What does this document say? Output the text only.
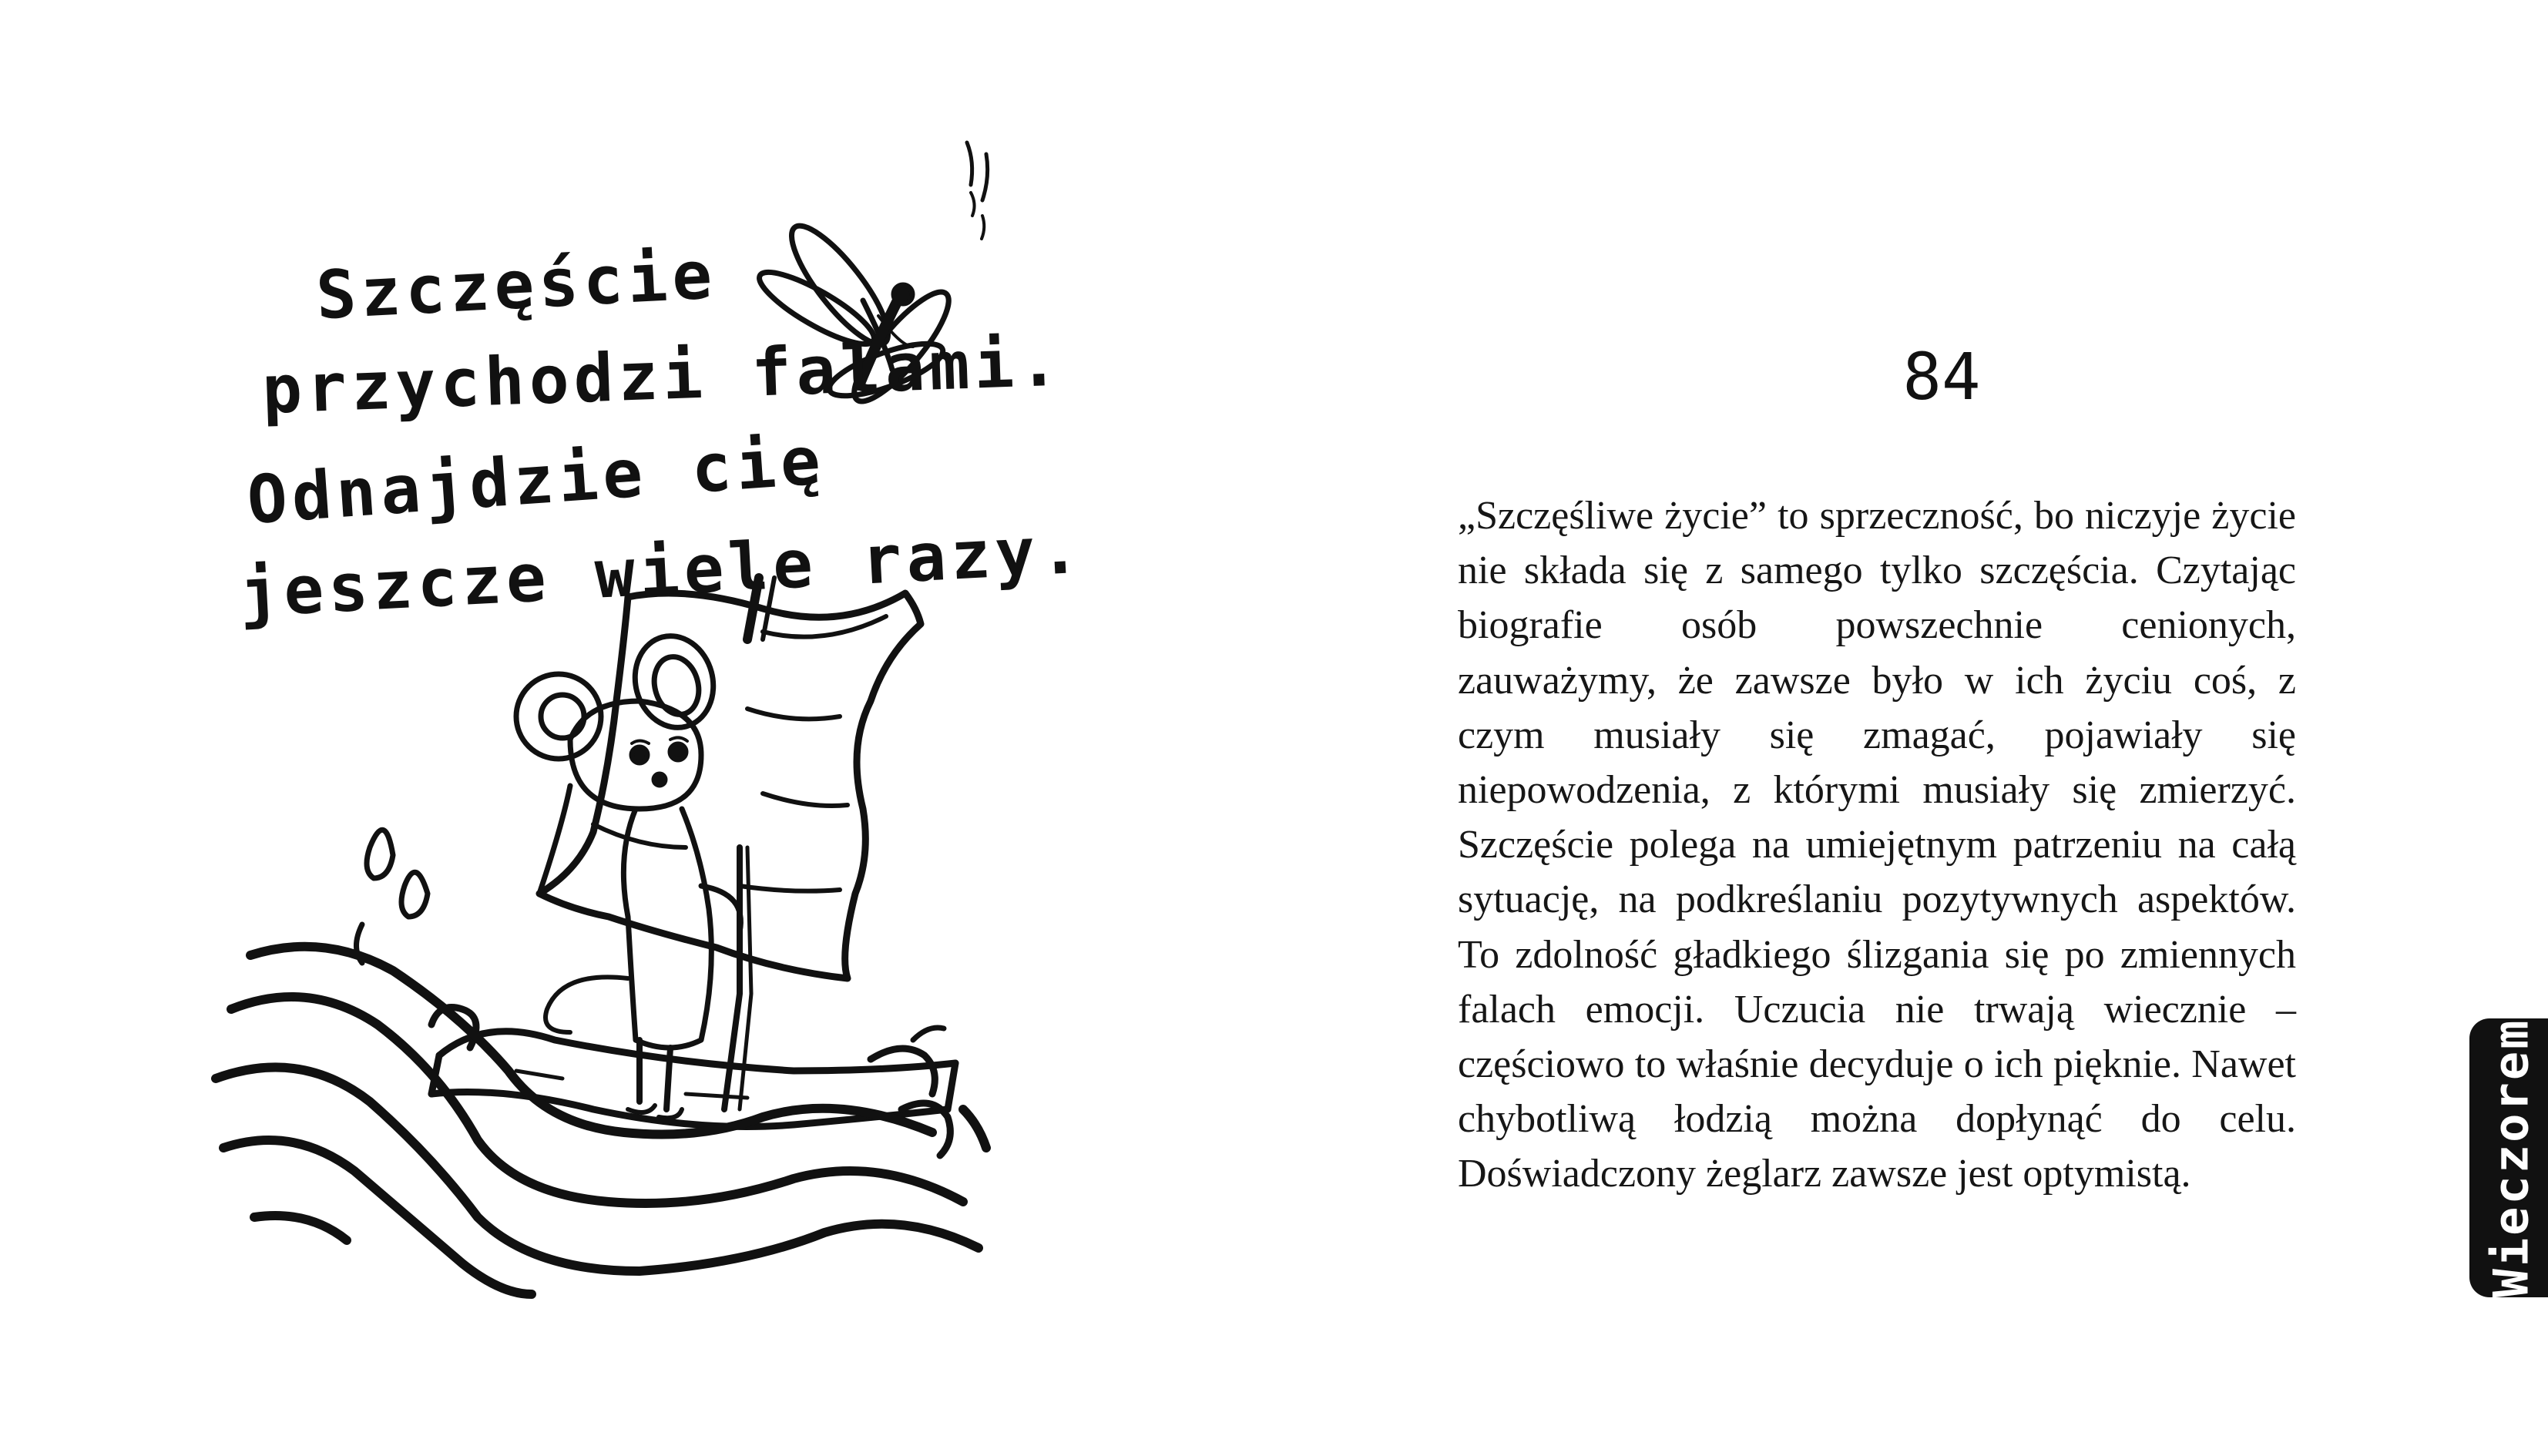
Szczęście
przychodzi falami.
Odnajdzie cię
jeszcze wiele razy.
84

„Szczęśliwe życie” to sprzeczność, bo niczyje życie nie składa się z samego tylko szczęścia. Czytając biografie osób powszechnie cenionych, zauważymy, że zawsze było w ich życiu coś, z czym musiały się zmagać, pojawiały się niepowodzenia, z którymi musiały się zmierzyć. Szczęście polega na umiejętnym patrzeniu na całą sytuację, na podkreślaniu pozytywnych aspektów. To zdolność gładkiego ślizgania się po zmiennych falach emocji. Uczucia nie trwają wiecznie – częściowo to właśnie decyduje o ich pięknie. Nawet chybotliwą łodzią można dopłynąć do celu. Doświadczony żeglarz zawsze jest optymistą.	Wieczorem
